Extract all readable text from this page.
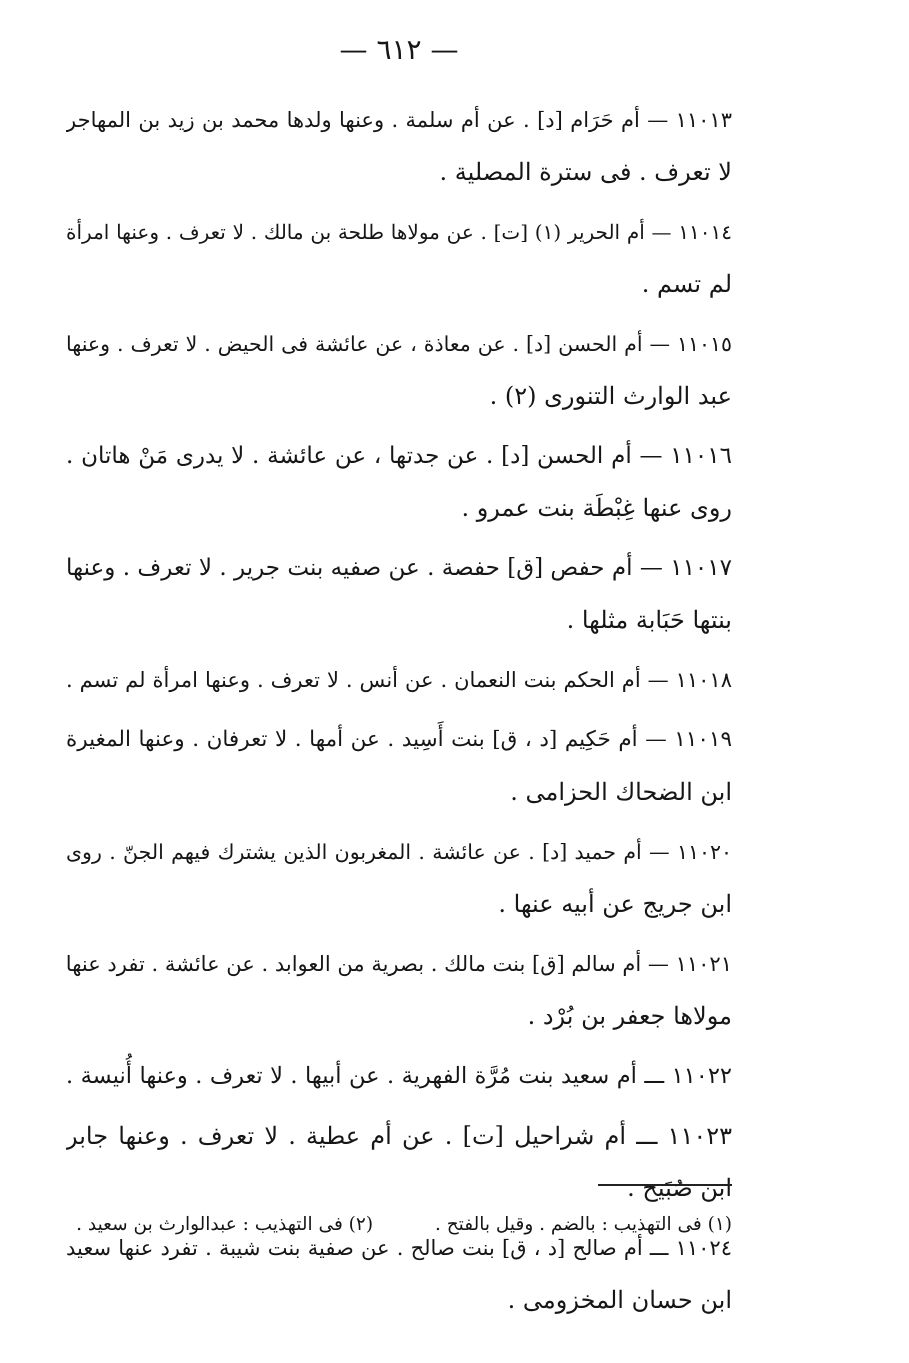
— ٦١٢ —
١١٠١٣ — أم حَرَام [د] . عن أم سلمة . وعنها ولدها محمد بن زيد بن المهاجر
لا تعرف . فى سترة المصلية .
١١٠١٤ — أم الحرير (١) [ت] . عن مولاها طلحة بن مالك . لا تعرف . وعنها امرأة
لم تسم .
١١٠١٥ — أم الحسن [د] . عن معاذة ، عن عائشة فى الحيض . لا تعرف . وعنها
عبد الوارث التنورى (٢) .
١١٠١٦ — أم الحسن [د] . عن جدتها ، عن عائشة . لا يدرى مَنْ هاتان .
روى عنها غِبْطَة بنت عمرو .
١١٠١٧ — أم حفص [ق] حفصة . عن صفيه بنت جرير . لا تعرف . وعنها
بنتها حَبَابة مثلها .
١١٠١٨ — أم الحكم بنت النعمان . عن أنس . لا تعرف . وعنها امرأة لم تسم .
١١٠١٩ — أم حَكِيم [د ، ق] بنت أَسِيد . عن أمها . لا تعرفان . وعنها المغيرة
ابن الضحاك الحزامى .
١١٠٢٠ — أم حميد [د] . عن عائشة . المغربون الذين يشترك فيهم الجنّ . روى
ابن جريج عن أبيه عنها .
١١٠٢١ — أم سالم [ق] بنت مالك . بصرية من العوابد . عن عائشة . تفرد عنها
مولاها جعفر بن بُرْد .
١١٠٢٢ ـــ أم سعيد بنت مُرَّة الفهرية . عن أبيها . لا تعرف . وعنها أُنيسة .
١١٠٢٣ ـــ أم شراحيل [ت] . عن أم عطية . لا تعرف . وعنها جابر
ابن صُبَيح .
١١٠٢٤ ـــ أم صالح [د ، ق] بنت صالح . عن صفية بنت شيبة . تفرد عنها سعيد
ابن حسان المخزومى .
(١) فى التهذيب : بالضم . وقيل بالفتح . (٢) فى التهذيب : عبدالوارث بن سعيد .
